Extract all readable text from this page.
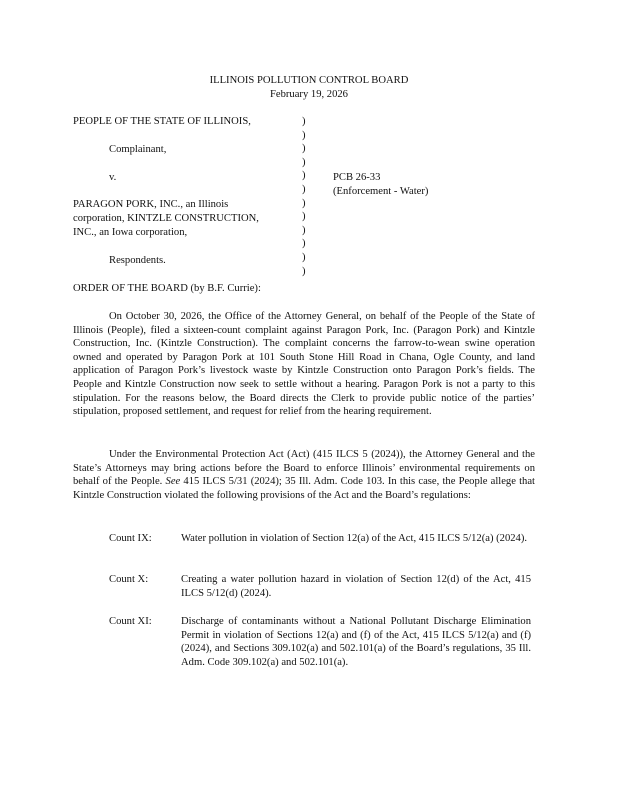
ILLINOIS POLLUTION CONTROL BOARD
February 19, 2026
PEOPLE OF THE STATE OF ILLINOIS,
Complainant,
v.
PARAGON PORK, INC., an Illinois
corporation, KINTZLE CONSTRUCTION,
INC., an Iowa corporation,
Respondents.
)
)
)
)
)
)
)
)
)
)
)
)
PCB 26-33
(Enforcement - Water)
ORDER OF THE BOARD (by B.F. Currie):
On October 30, 2026, the Office of the Attorney General, on behalf of the People of the State of Illinois (People), filed a sixteen-count complaint against Paragon Pork, Inc. (Paragon Pork) and Kintzle Construction, Inc. (Kintzle Construction). The complaint concerns the farrow-to-wean swine operation owned and operated by Paragon Pork at 101 South Stone Hill Road in Chana, Ogle County, and land application of Paragon Pork’s livestock waste by Kintzle Construction onto Paragon Pork’s fields. The People and Kintzle Construction now seek to settle without a hearing. Paragon Pork is not a party to this stipulation. For the reasons below, the Board directs the Clerk to provide public notice of the parties’ stipulation, proposed settlement, and request for relief from the hearing requirement.
Under the Environmental Protection Act (Act) (415 ILCS 5 (2024)), the Attorney General and the State’s Attorneys may bring actions before the Board to enforce Illinois’ environmental requirements on behalf of the People. See 415 ILCS 5/31 (2024); 35 Ill. Adm. Code 103. In this case, the People allege that Kintzle Construction violated the following provisions of the Act and the Board’s regulations:
Count IX:	Water pollution in violation of Section 12(a) of the Act, 415 ILCS 5/12(a) (2024).
Count X:	Creating a water pollution hazard in violation of Section 12(d) of the Act, 415 ILCS 5/12(d) (2024).
Count XI:	Discharge of contaminants without a National Pollutant Discharge Elimination Permit in violation of Sections 12(a) and (f) of the Act, 415 ILCS 5/12(a) and (f) (2024), and Sections 309.102(a) and 502.101(a) of the Board’s regulations, 35 Ill. Adm. Code 309.102(a) and 502.101(a).
